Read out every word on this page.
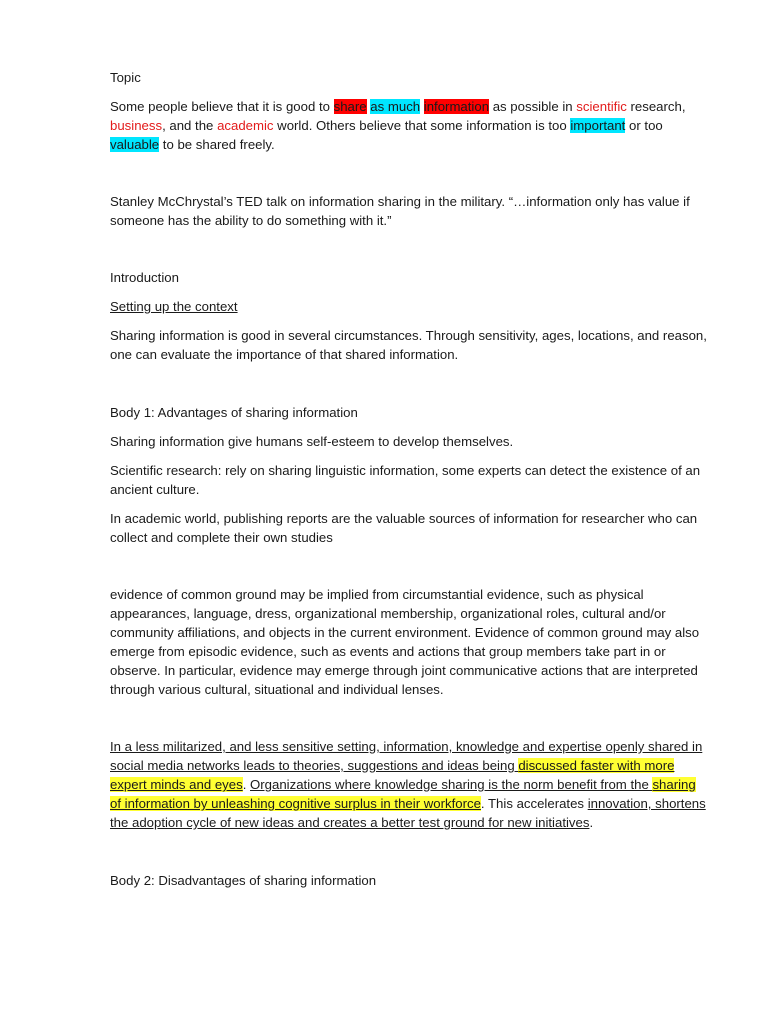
Topic

Some people believe that it is good to share as much information as possible in scientific research, business, and the academic world. Others believe that some information is too important or too valuable to be shared freely.

Stanley McChrystal’s TED talk on information sharing in the military. “…information only has value if someone has the ability to do something with it.”

Introduction

Setting up the context

Sharing information is good in several circumstances. Through sensitivity, ages, locations, and reason, one can evaluate the importance of that shared information.

Body 1: Advantages of sharing information

Sharing information give humans self-esteem to develop themselves.

Scientific research: rely on sharing linguistic information, some experts can detect the existence of an ancient culture.

In academic world, publishing reports are the valuable sources of information for researcher who can collect and complete their own studies

evidence of common ground may be implied from circumstantial evidence, such as physical appearances, language, dress, organizational membership, organizational roles, cultural and/or community affiliations, and objects in the current environment. Evidence of common ground may also emerge from episodic evidence, such as events and actions that group members take part in or observe. In particular, evidence may emerge through joint communicative actions that are interpreted through various cultural, situational and individual lenses.

In a less militarized, and less sensitive setting, information, knowledge and expertise openly shared in social media networks leads to theories, suggestions and ideas being discussed faster with more expert minds and eyes. Organizations where knowledge sharing is the norm benefit from the sharing of information by unleashing cognitive surplus in their workforce. This accelerates innovation, shortens the adoption cycle of new ideas and creates a better test ground for new initiatives.

Body 2: Disadvantages of sharing information
